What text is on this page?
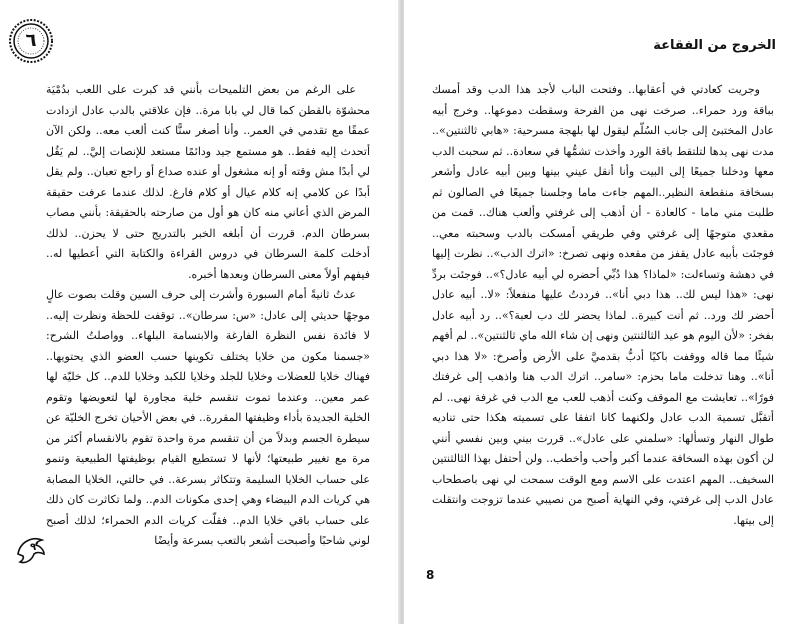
٦

على الرغم من بعض التلميحات بأنني قد كبرت على اللعب بدُمْيَة محشوّة بالقطن كما قال لي بابا مرة.. فإن علاقتي بالدب عادل ازدادت عمقًا مع تقدمي في العمر.. وأنا أصغر سنًّا كنت ألعب معه.. ولكن الآن أتحدث إليه فقط.. هو مستمع جيد ودائمًا مستعد للإنصات إليَّ.. لم يَقُل لي أبدًا مش وقته أو إنه مشغول أو عنده صداع أو راجع تعبان.. ولم يقل أبدًا عن كلامي إنه كلام عيال أو كلام فارغ. لذلك عندما عرفت حقيقة المرض الذي أعاني منه كان هو أول من صارحته بالحقيقة: بأنني مصاب بسرطان الدم. قررت أن أبلغه الخبر بالتدريج حتى لا يحزن.. لذلك أدخلت كلمة السرطان في دروس القراءة والكتابة التي أعطيها له.. فيفهم أولاً معنى السرطان وبعدها أخبره.

عدتُ ثانيةً أمام السبورة وأشرت إلى حرف السين وقلت بصوت عالٍ موجهًا حديثي إلى عادل: «س: سرطان».. توقفت للحظة ونظرت إليه.. لا فائدة نفس النظرة الفارغة والابتسامة البلهاء.. وواصلتُ الشرح: «جسمنا مكون من خلايا يختلف تكوينها حسب العضو الذي يحتويها.. فهناك خلايا للعضلات وخلايا للجلد وخلايا للكبد وخلايا للدم.. كل خليّة لها عمر معين.. وعندما تموت تنقسم خلية مجاورة لها لتعويضها وتقوم الخلية الجديدة بأداء وظيفتها المقررة.. في بعض الأحيان تخرج الخليّة عن سيطرة الجسم وبدلاً من أن تنقسم مرة واحدة تقوم بالانقسام أكثر من مرة مع تغيير طبيعتها؛ لأنها لا تستطيع القيام بوظيفتها الطبيعية وتنمو على حساب الخلايا السليمة وتتكاثر بسرعة.. في حالتي، الخلايا المصابة هي كريات الدم البيضاء وهي إحدى مكونات الدم.. ولما تكاثرت كان ذلك على حساب باقي خلايا الدم.. فقلّت كريات الدم الحمراء؛ لذلك أصبح لوني شاحبًا وأصبحت أشعر بالتعب بسرعة وأيضًا

٩
الخروج من الفقاعة

وجريت كعادتي في أعقابها.. وفتحت الباب لأجد هذا الدب وقد أمسك بباقة ورد حمراء.. صرخت نهى من الفرحة وسقطت دموعها.. وخرج أبيه عادل المختبئ إلى جانب السُلّم ليقول لها بلهجة مسرحية: «هابي ثالثنتين».. مدت نهى يدها لتلتقط باقة الورد وأخذت تشمُّها في سعادة.. ثم سحبت الدب معها ودخلنا جميعًا إلى البيت وأنا أنقل عيني بينها وبين أبيه عادل وأشعر بسخافة منقطعة النظير..المهم جاءت ماما وجلسنا جميعًا في الصالون ثم طلبت مني ماما - كالعادة - أن أذهب إلى غرفتي وألعب هناك.. قمت من مقعدي متوجهًا إلى غرفتي وفي طريقي أمسكت بالدب وسحبته معي.. فوجئت بأبيه عادل يقفز من مقعده ونهى تصرخ: «اترك الدب».. نظرت إليها في دهشة وتساءلت: «لماذا؟ هذا دُبِّي أحضره لي أبيه عادل؟».. فوجئت بردِّ نهى: «هذا ليس لك.. هذا دبي أنا».. فرددتُ عليها منفعلاً: «لا.. أبيه عادل أحضر لك ورد.. ثم أنت كبيرة.. لماذا يحضر لك دب لعبة؟».. رد أبيه عادل بفخر: «لأن اليوم هو عيد الثالثنتين ونهى إن شاء الله ماي ثالثنتين».. لم أفهم شيئًا مما قاله ووقفت باكيًا أدبُّ بقدميَّ على الأرض وأصرخ: «لا هذا دبي أنا».. وهنا تدخلت ماما بحزم: «سامر.. اترك الدب هنا واذهب إلى غرفتك فورًا».. تعايشت مع الموقف وكنت أذهب للعب مع الدب في غرفة نهى.. لم أتقبَّل تسمية الدب عادل ولكنهما كانا اتفقا على تسميته هكذا حتى تناديه طوال النهار وتسألها: «سلمني على عادل».. قررت بيني وبين نفسي أنني لن أكون بهذه السخافة عندما أكبر وأحب وأخطب.. ولن أحتفل بهذا الثالثنتين السخيف.. المهم اعتدت على الاسم ومع الوقت سمحت لي نهى باصطحاب عادل الدب إلى غرفتي، وفي النهاية أصبح من نصيبي عندما تزوجت وانتقلت إلى بيتها.

8
